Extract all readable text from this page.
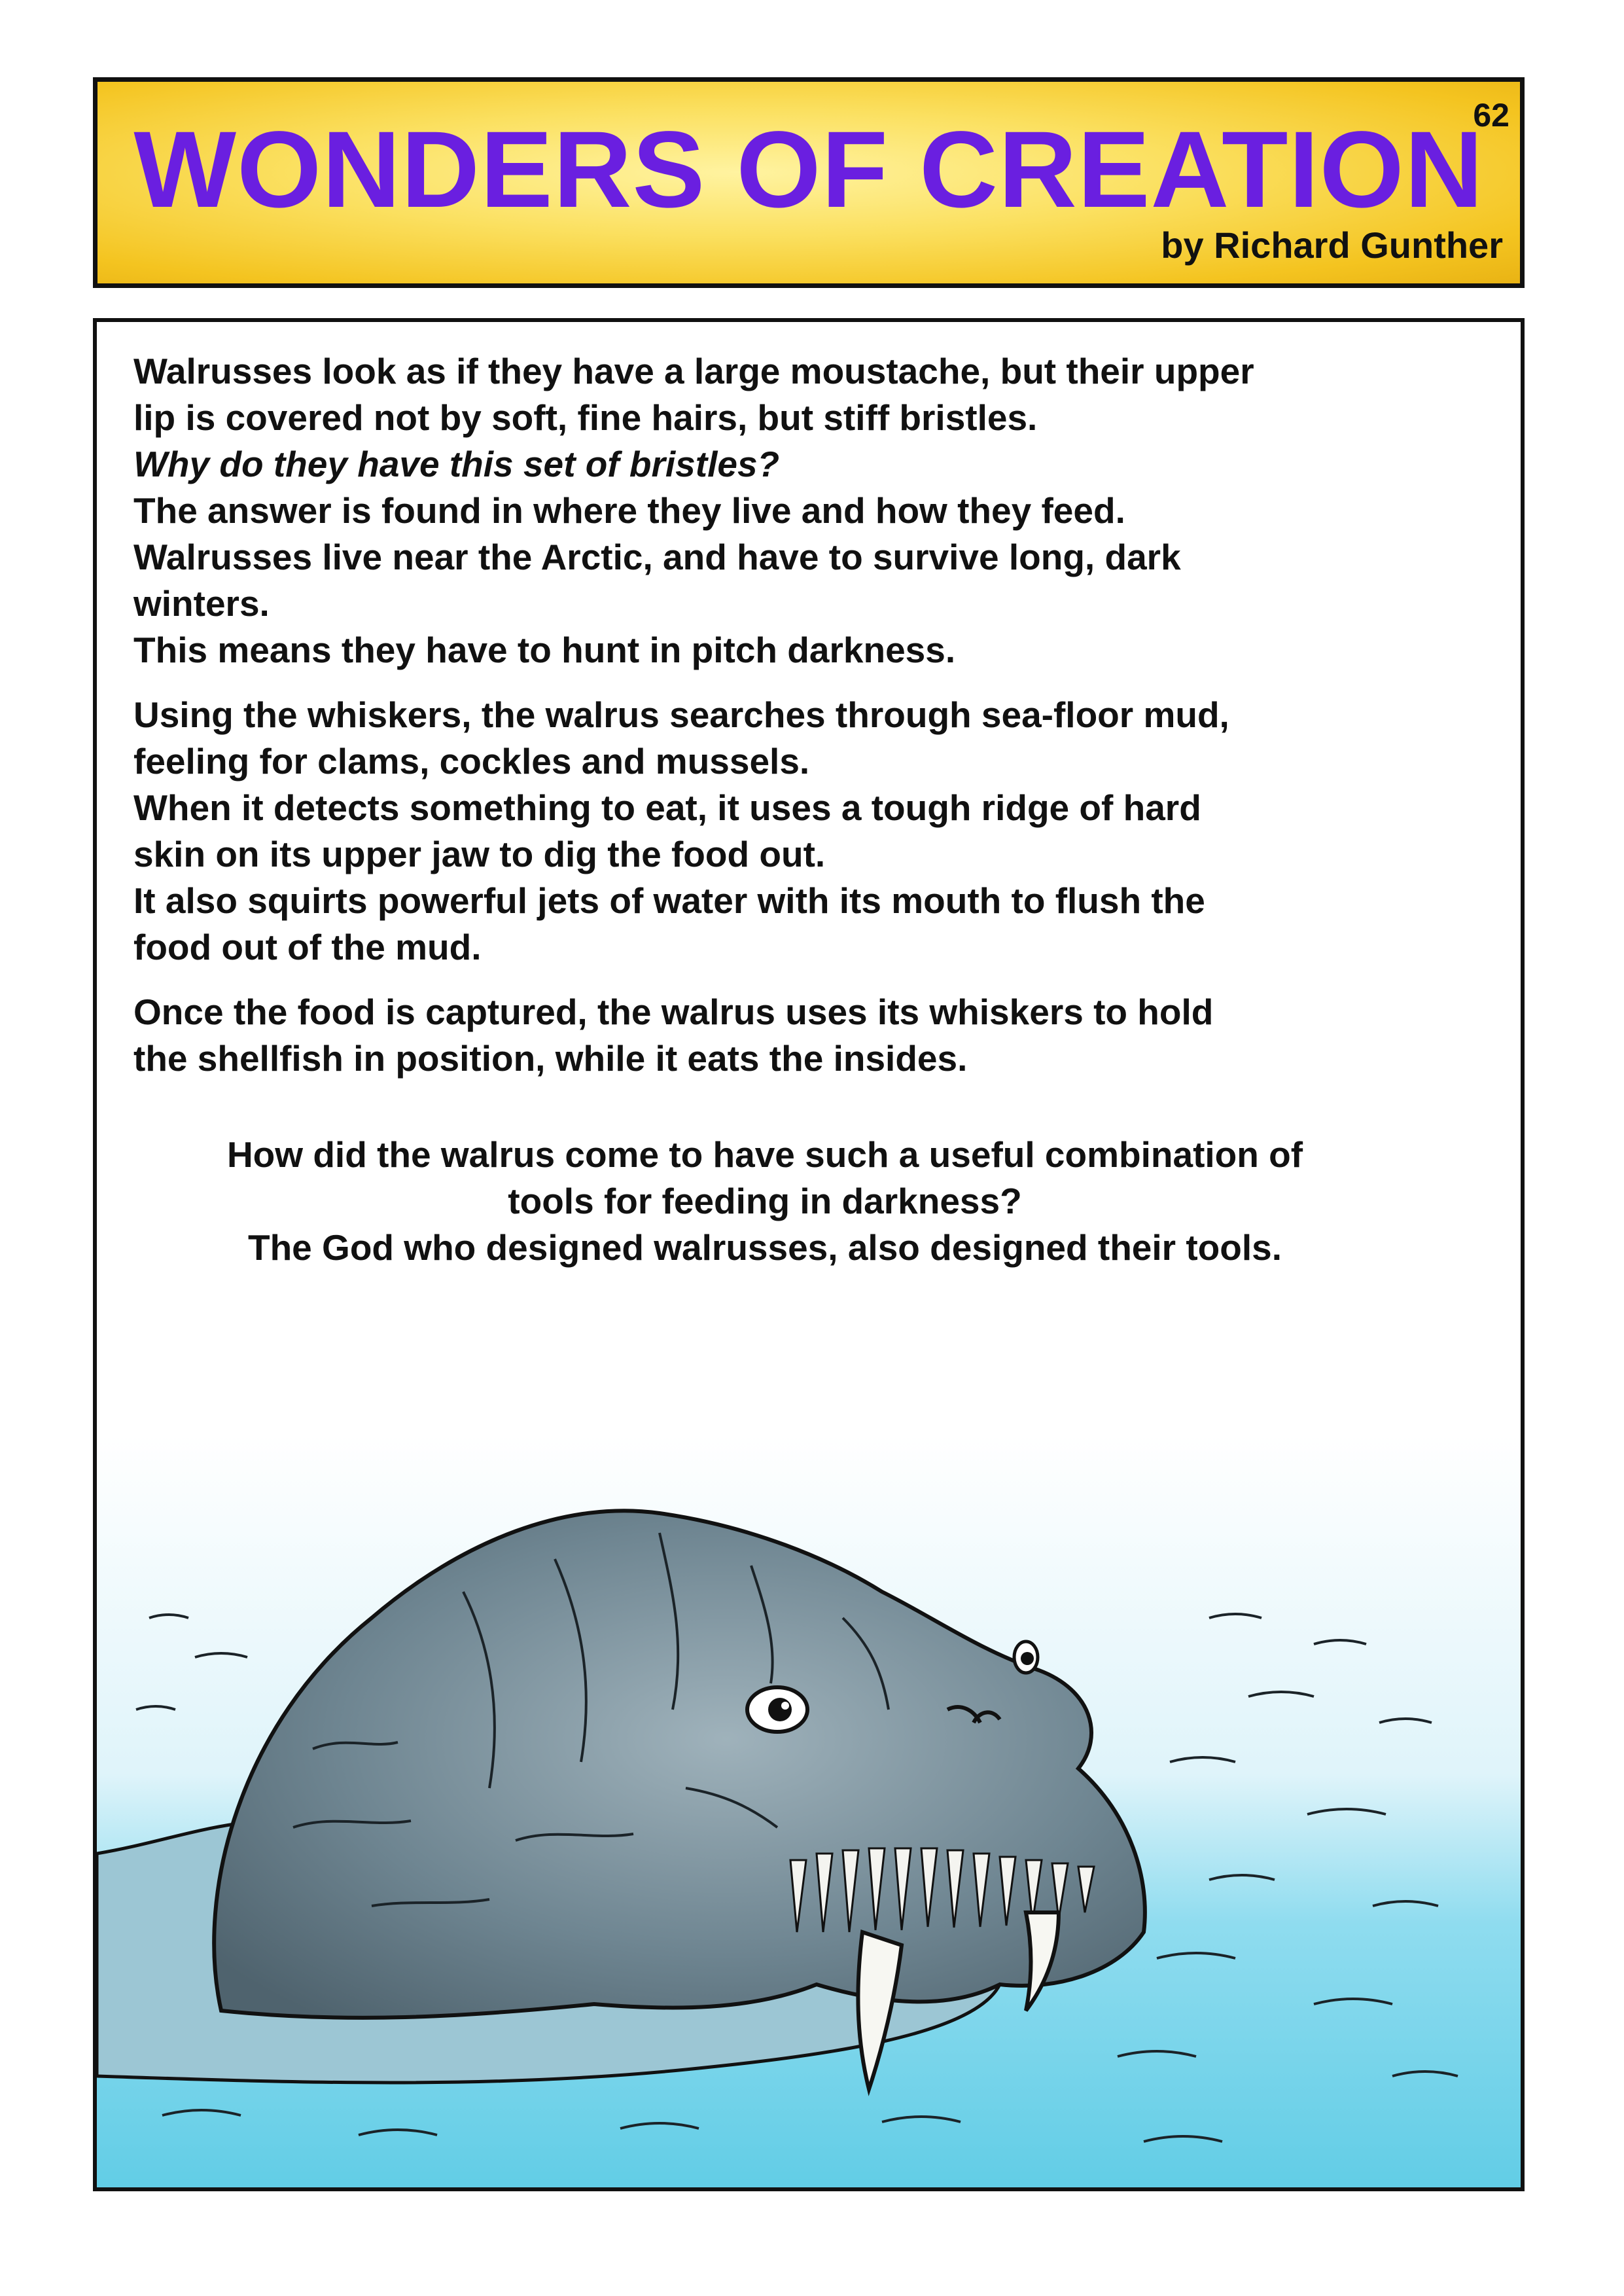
62
WONDERS OF CREATION
by Richard Gunther

Walrusses look as if they have a large moustache, but their upper
lip is covered not by soft, fine hairs, but stiff bristles.
Why do they have this set of bristles?
The answer is found in where they live and how they feed.
Walrusses live near the Arctic, and have to survive long, dark
winters.
This means they have to hunt in pitch darkness.

Using the whiskers, the walrus searches through sea-floor mud,
feeling for clams, cockles and mussels.
When it detects something to eat, it uses a tough ridge of hard
skin on its upper jaw to dig the food out.
It also squirts powerful jets of water with its mouth to flush the
food out of the mud.

Once the food is captured, the walrus uses its whiskers to hold
the shellfish in position, while it eats the insides.

How did the walrus come to have such a useful combination of
tools for feeding in darkness?
The God who designed walrusses, also designed their tools.
